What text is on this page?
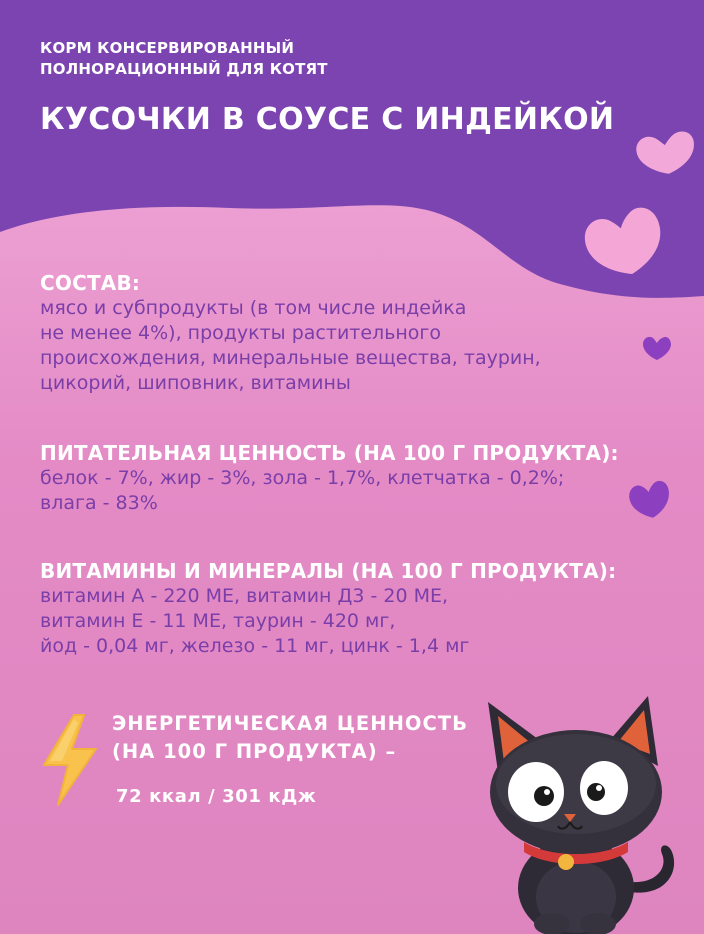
КОРМ КОНСЕРВИРОВАННЫЙ
ПОЛНОРАЦИОННЫЙ ДЛЯ КОТЯТ
КУСОЧКИ В СОУСЕ С ИНДЕЙКОЙ
СОСТАВ:

мясо и субпродукты (в том числе индейка

не менее 4%), продукты растительного

происхождения, минеральные вещества, таурин,

цикорий, шиповник, витамины

ПИТАТЕЛЬНАЯ ЦЕННОСТЬ (НА 100 Г ПРОДУКТА):

белок - 7%, жир - 3%, зола - 1,7%, клетчатка - 0,2%;

влага - 83%

ВИТАМИНЫ И МИНЕРАЛЫ (НА 100 Г ПРОДУКТА):

витамин А - 220 МЕ, витамин Д3 - 20 МЕ,

витамин Е - 11 МЕ, таурин - 420 мг,

йод - 0,04 мг, железо - 11 мг, цинк - 1,4 мг

ЭНЕРГЕТИЧЕСКАЯ ЦЕННОСТЬ
(НА 100 Г ПРОДУКТА) –
72 ккал / 301 кДж
